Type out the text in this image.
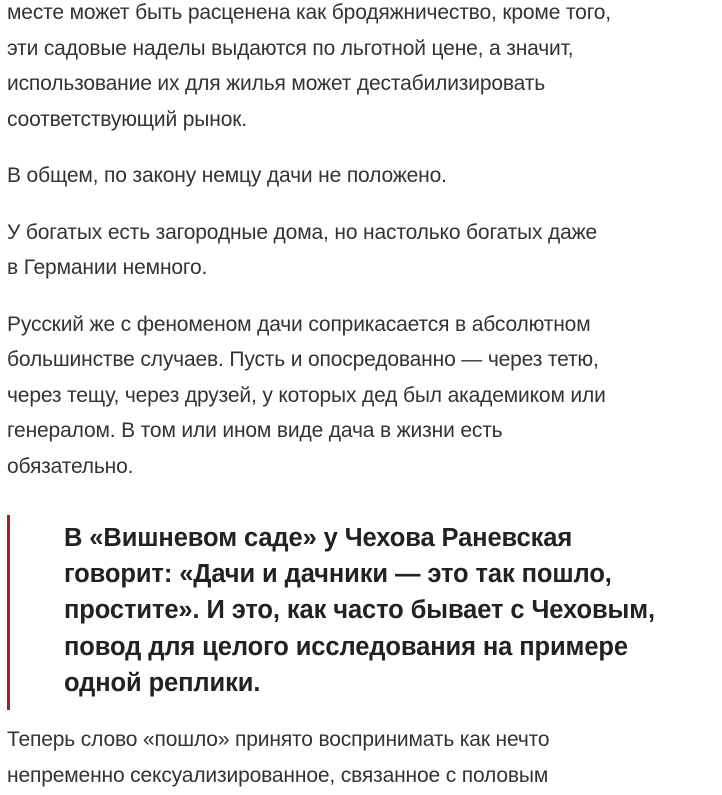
месте может быть расценена как бродяжничество, кроме того,
эти садовые наделы выдаются по льготной цене, а значит,
использование их для жилья может дестабилизировать
соответствующий рынок.

В общем, по закону немцу дачи не положено.

У богатых есть загородные дома, но настолько богатых даже
в Германии немного.

Русский же с феноменом дачи соприкасается в абсолютном
большинстве случаев. Пусть и опосредованно — через тетю,
через тещу, через друзей, у которых дед был академиком или
генералом. В том или ином виде дача в жизни есть
обязательно.

В «Вишневом саде» у Чехова Раневская
говорит: «Дачи и дачники — это так пошло,
простите». И это, как часто бывает с Чеховым,
повод для целого исследования на примере
одной реплики.

Теперь слово «пошло» принято воспринимать как нечто
непременно сексуализированное, связанное с половым
